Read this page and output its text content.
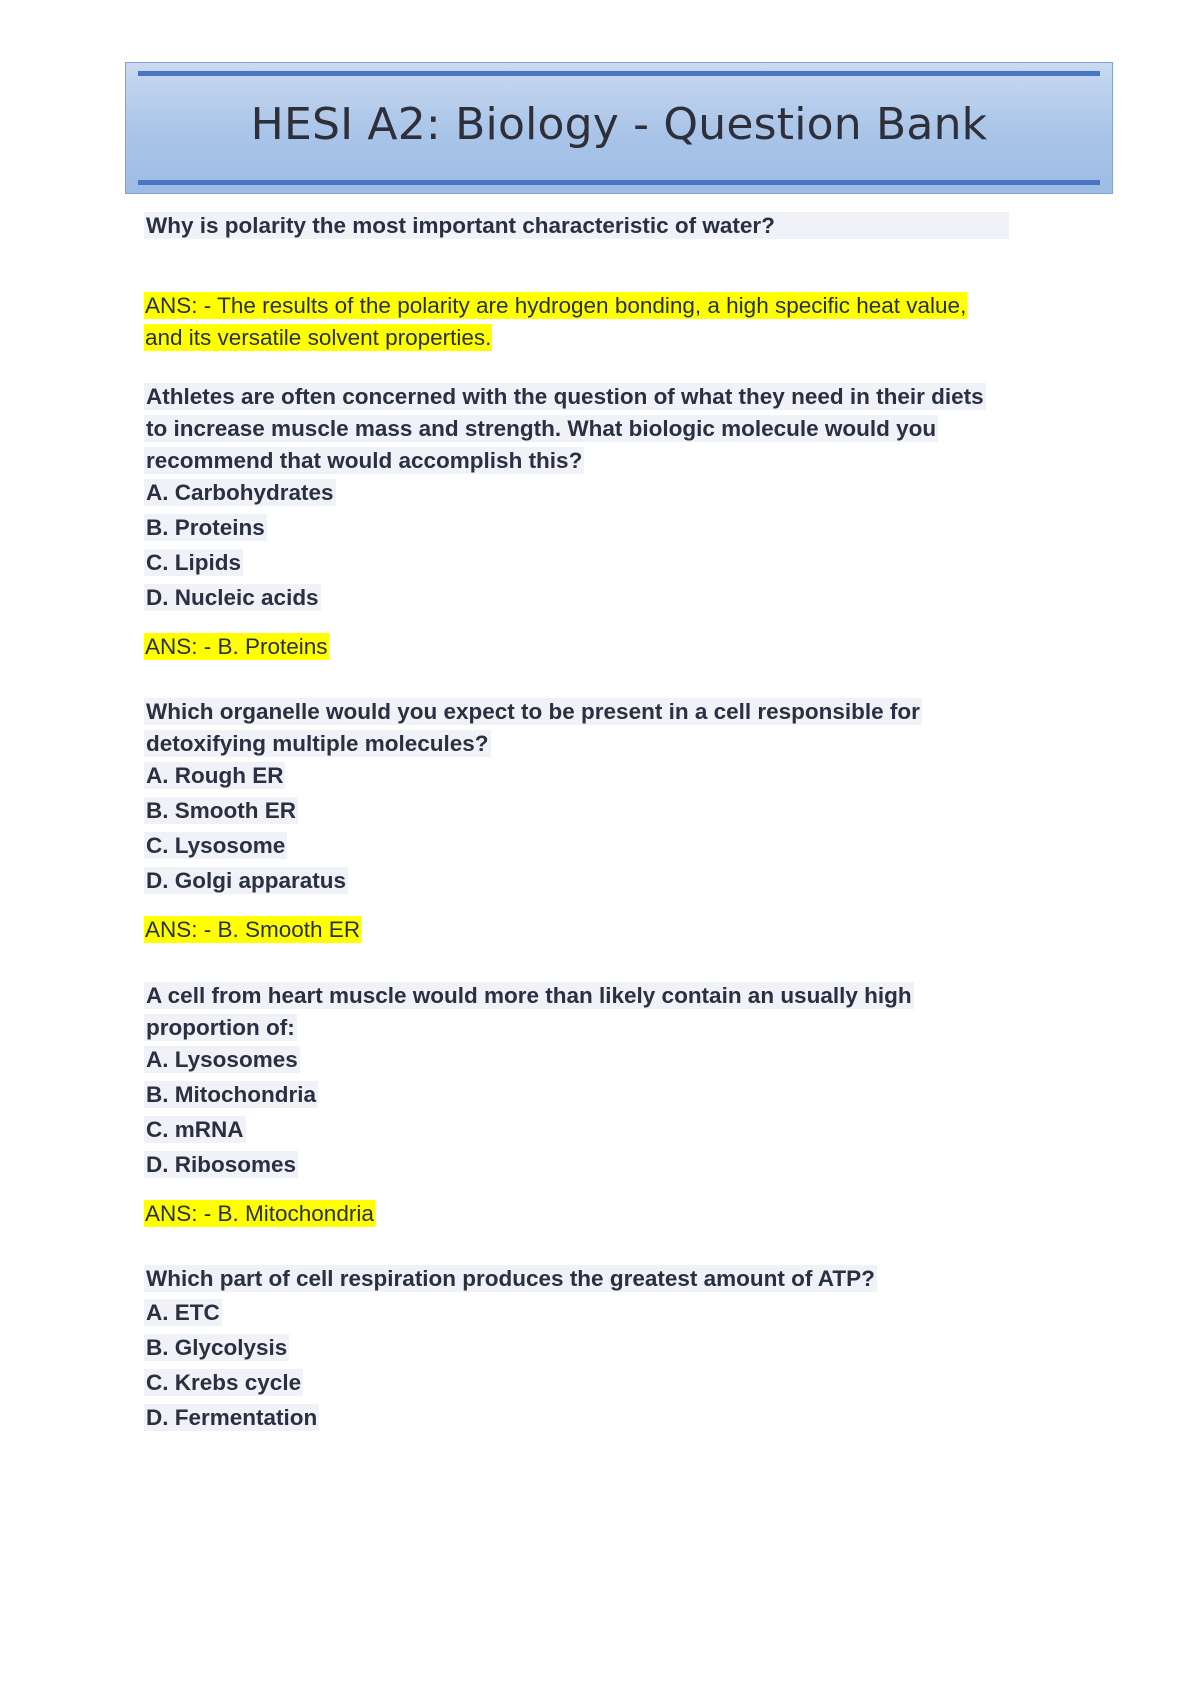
HESI A2: Biology - Question Bank
Why is polarity the most important characteristic of water?
ANS: - The results of the polarity are hydrogen bonding, a high specific heat value,
and its versatile solvent properties.
Athletes are often concerned with the question of what they need in their diets
to increase muscle mass and strength. What biologic molecule would you
recommend that would accomplish this?
A. Carbohydrates
B. Proteins
C. Lipids
D. Nucleic acids
ANS: - B. Proteins
Which organelle would you expect to be present in a cell responsible for
detoxifying multiple molecules?
A. Rough ER
B. Smooth ER
C. Lysosome
D. Golgi apparatus
ANS: - B. Smooth ER
A cell from heart muscle would more than likely contain an usually high
proportion of:
A. Lysosomes
B. Mitochondria
C. mRNA
D. Ribosomes
ANS: - B. Mitochondria
Which part of cell respiration produces the greatest amount of ATP?
A. ETC
B. Glycolysis
C. Krebs cycle
D. Fermentation
